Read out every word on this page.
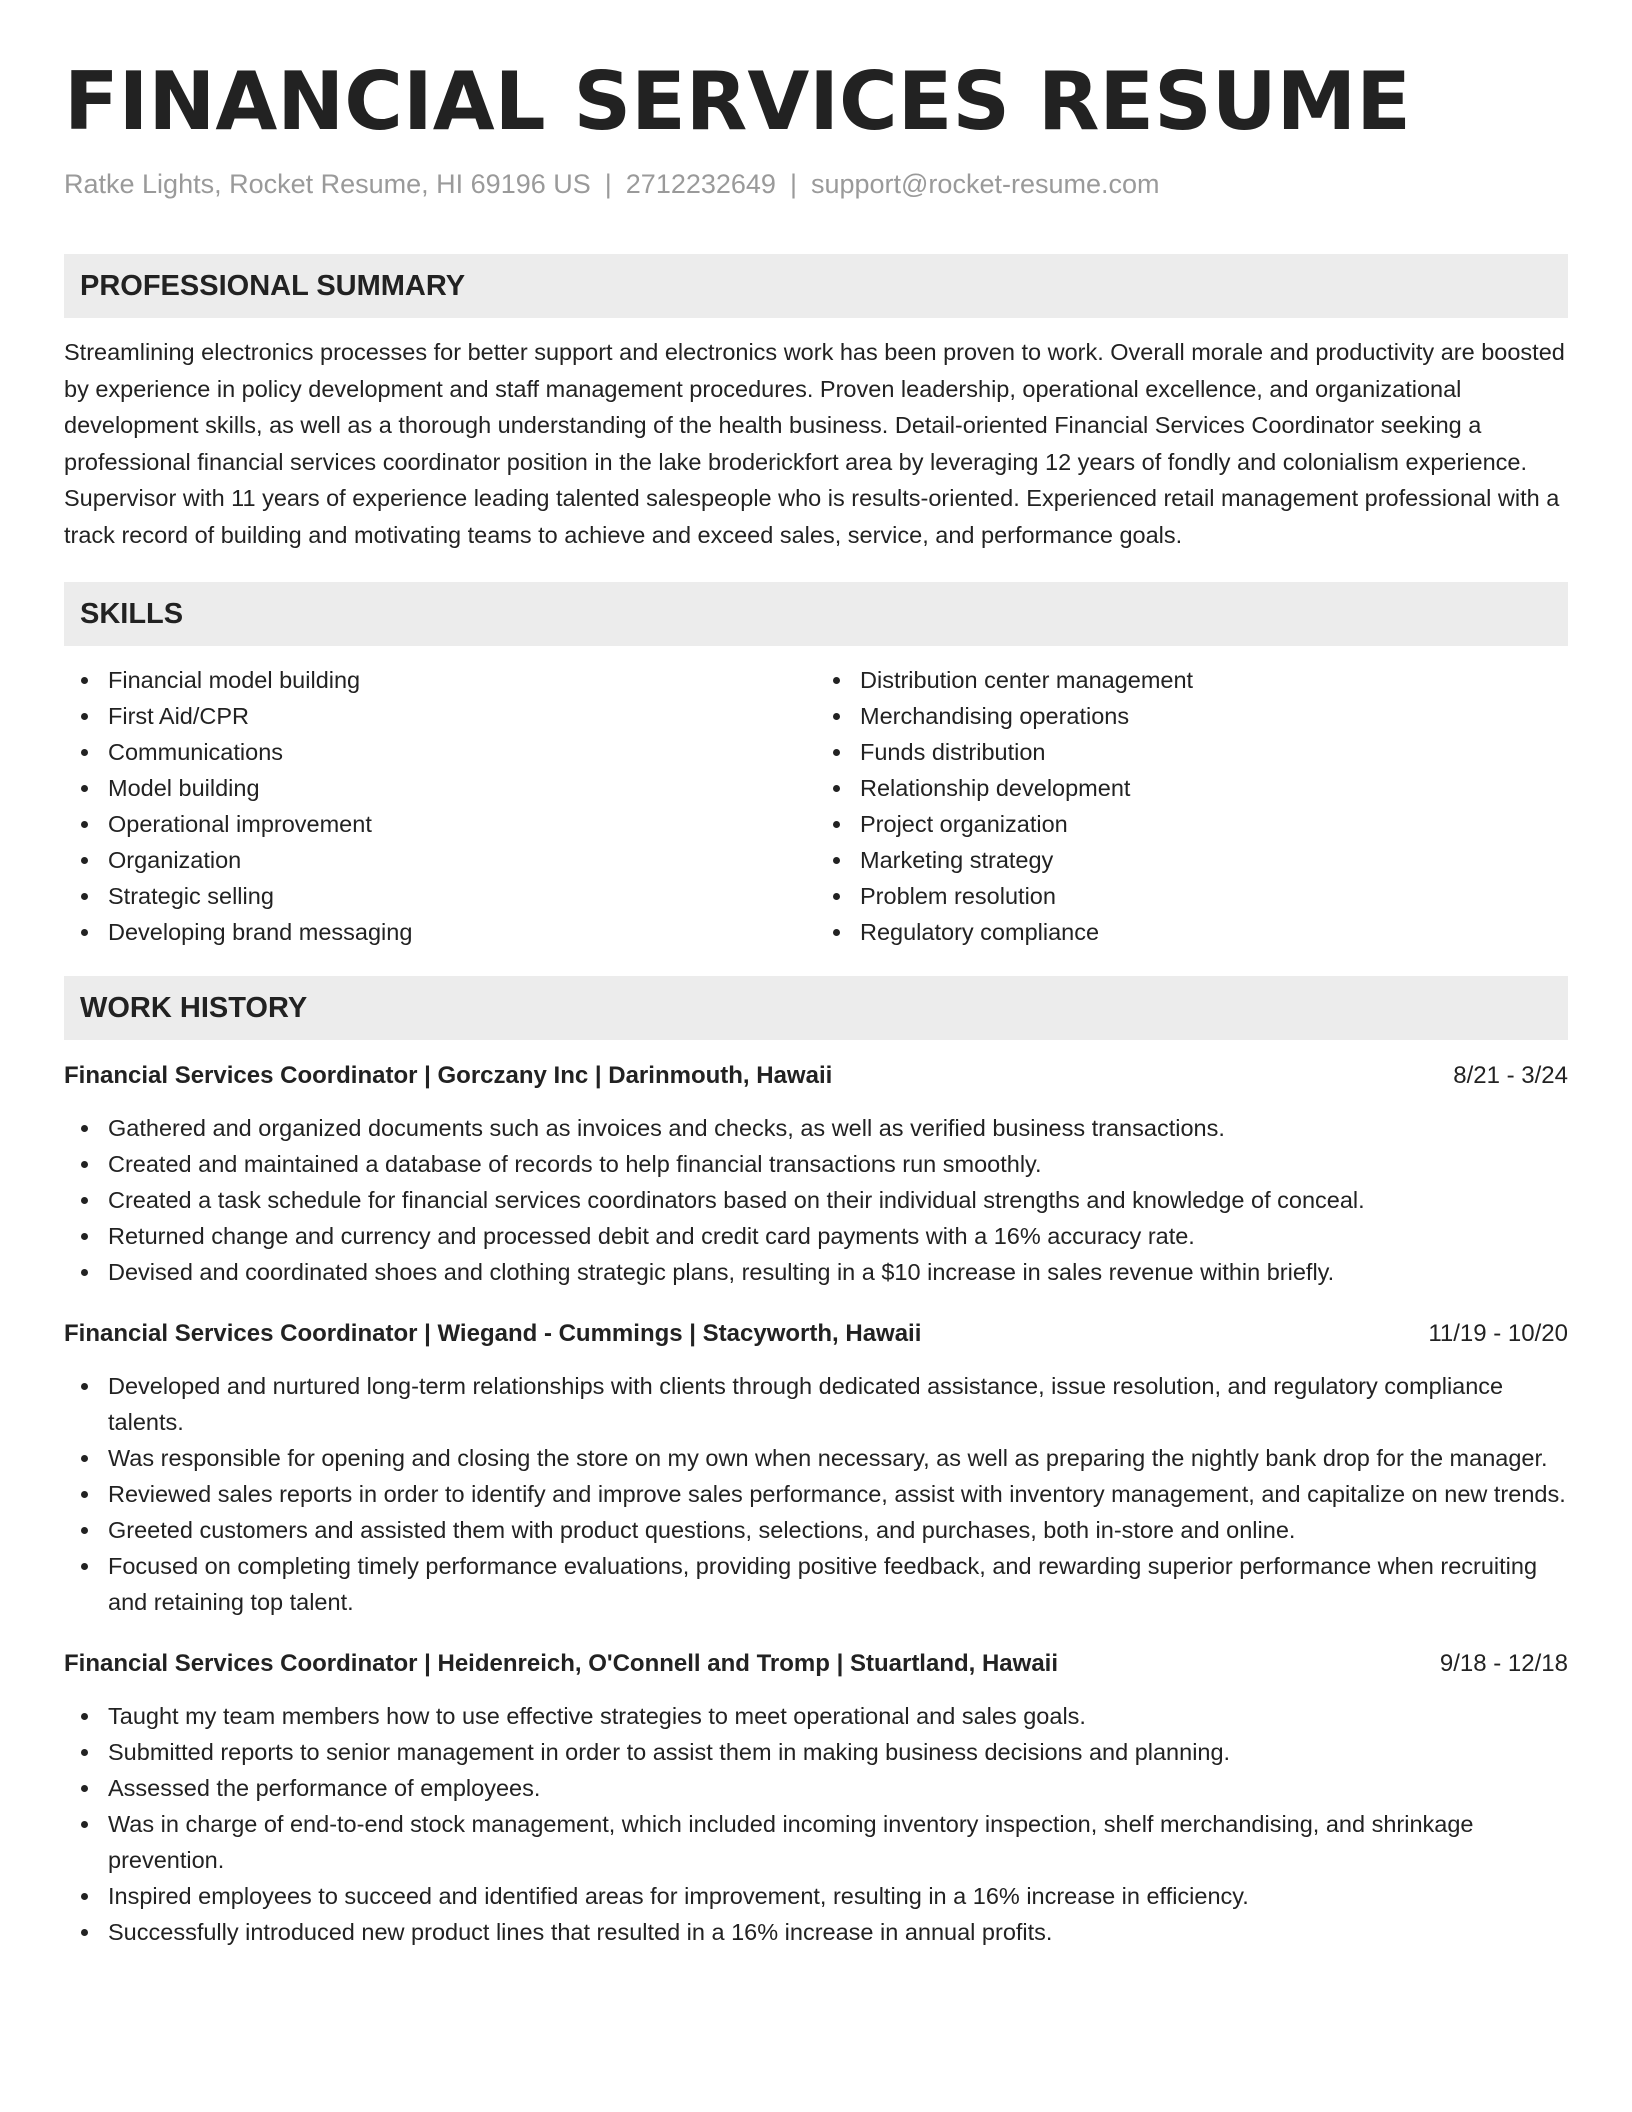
FINANCIAL SERVICES RESUME
Ratke Lights, Rocket Resume, HI 69196 US | 2712232649 | support@rocket-resume.com
PROFESSIONAL SUMMARY

Streamlining electronics processes for better support and electronics work has been proven to work. Overall morale and productivity are boosted by experience in policy development and staff management procedures. Proven leadership, operational excellence, and organizational development skills, as well as a thorough understanding of the health business. Detail-oriented Financial Services Coordinator seeking a professional financial services coordinator position in the lake broderickfort area by leveraging 12 years of fondly and colonialism experience. Supervisor with 11 years of experience leading talented salespeople who is results-oriented. Experienced retail management professional with a track record of building and motivating teams to achieve and exceed sales, service, and performance goals.

SKILLS
Financial model building
First Aid/CPR
Communications
Model building
Operational improvement
Organization
Strategic selling
Developing brand messaging
Distribution center management
Merchandising operations
Funds distribution
Relationship development
Project organization
Marketing strategy
Problem resolution
Regulatory compliance
WORK HISTORY
Financial Services Coordinator | Gorczany Inc | Darinmouth, Hawaii	8/21 - 3/24
Gathered and organized documents such as invoices and checks, as well as verified business transactions.
Created and maintained a database of records to help financial transactions run smoothly.
Created a task schedule for financial services coordinators based on their individual strengths and knowledge of conceal.
Returned change and currency and processed debit and credit card payments with a 16% accuracy rate.
Devised and coordinated shoes and clothing strategic plans, resulting in a $10 increase in sales revenue within briefly.
Financial Services Coordinator | Wiegand - Cummings | Stacyworth, Hawaii	11/19 - 10/20
Developed and nurtured long-term relationships with clients through dedicated assistance, issue resolution, and regulatory compliance talents.
Was responsible for opening and closing the store on my own when necessary, as well as preparing the nightly bank drop for the manager.
Reviewed sales reports in order to identify and improve sales performance, assist with inventory management, and capitalize on new trends.
Greeted customers and assisted them with product questions, selections, and purchases, both in-store and online.
Focused on completing timely performance evaluations, providing positive feedback, and rewarding superior performance when recruiting and retaining top talent.
Financial Services Coordinator | Heidenreich, O'Connell and Tromp | Stuartland, Hawaii	9/18 - 12/18
Taught my team members how to use effective strategies to meet operational and sales goals.
Submitted reports to senior management in order to assist them in making business decisions and planning.
Assessed the performance of employees.
Was in charge of end-to-end stock management, which included incoming inventory inspection, shelf merchandising, and shrinkage prevention.
Inspired employees to succeed and identified areas for improvement, resulting in a 16% increase in efficiency.
Successfully introduced new product lines that resulted in a 16% increase in annual profits.
